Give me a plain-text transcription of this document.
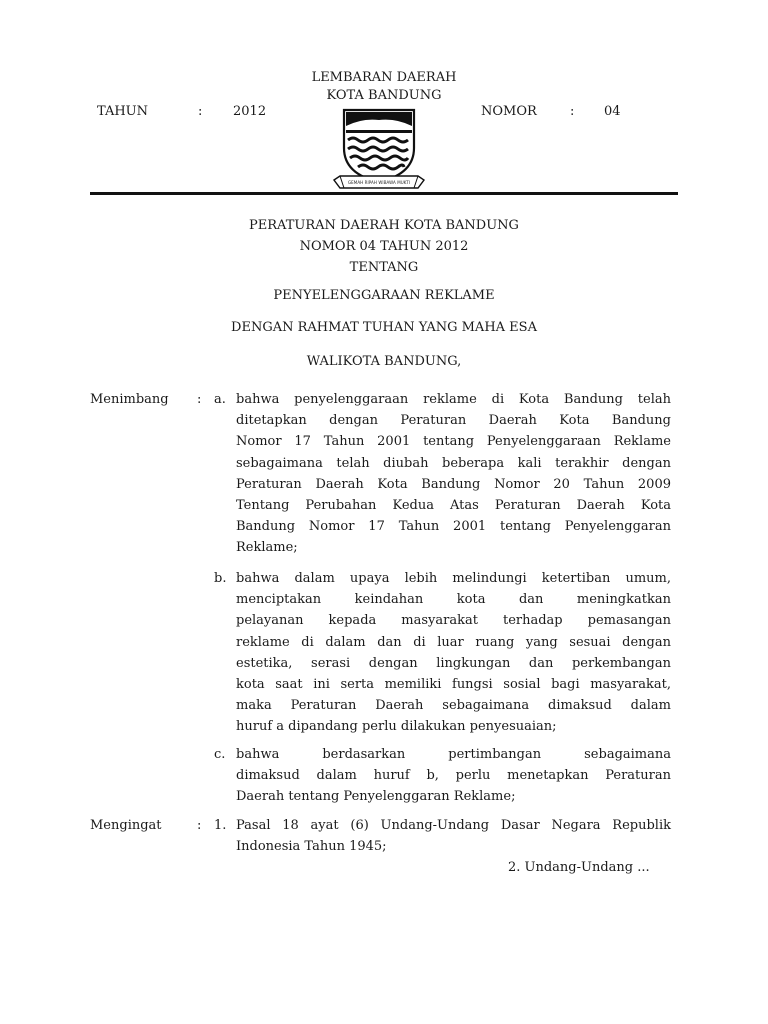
LEMBARAN DAERAH
KOTA BANDUNG
TAHUN	: 2012	NOMOR	: 04
GEMAH RIPAH WIBAWA MUKTI
PERATURAN DAERAH KOTA BANDUNG
NOMOR 04 TAHUN 2012
TENTANG
PENYELENGGARAAN REKLAME
DENGAN RAHMAT TUHAN YANG MAHA ESA
WALIKOTA BANDUNG,
Menimbang : a. bahwa penyelenggaraan reklame di Kota Bandung telah
ditetapkan dengan Peraturan Daerah Kota Bandung
Nomor 17 Tahun 2001 tentang Penyelenggaraan Reklame
sebagaimana telah diubah beberapa kali terakhir dengan
Peraturan Daerah Kota Bandung Nomor 20 Tahun 2009
Tentang Perubahan Kedua Atas Peraturan Daerah Kota
Bandung Nomor 17 Tahun 2001 tentang Penyelenggaran
Reklame;
b. bahwa dalam upaya lebih melindungi ketertiban umum,
menciptakan keindahan kota dan meningkatkan
pelayanan kepada masyarakat terhadap pemasangan
reklame di dalam dan di luar ruang yang sesuai dengan
estetika, serasi dengan lingkungan dan perkembangan
kota saat ini serta memiliki fungsi sosial bagi masyarakat,
maka Peraturan Daerah sebagaimana dimaksud dalam
huruf a dipandang perlu dilakukan penyesuaian;
c. bahwa berdasarkan pertimbangan sebagaimana
dimaksud dalam huruf b, perlu menetapkan Peraturan
Daerah tentang Penyelenggaran Reklame;
Mengingat	: 1. Pasal 18 ayat (6) Undang-Undang Dasar Negara Republik
Indonesia Tahun 1945;
2. Undang-Undang ...
